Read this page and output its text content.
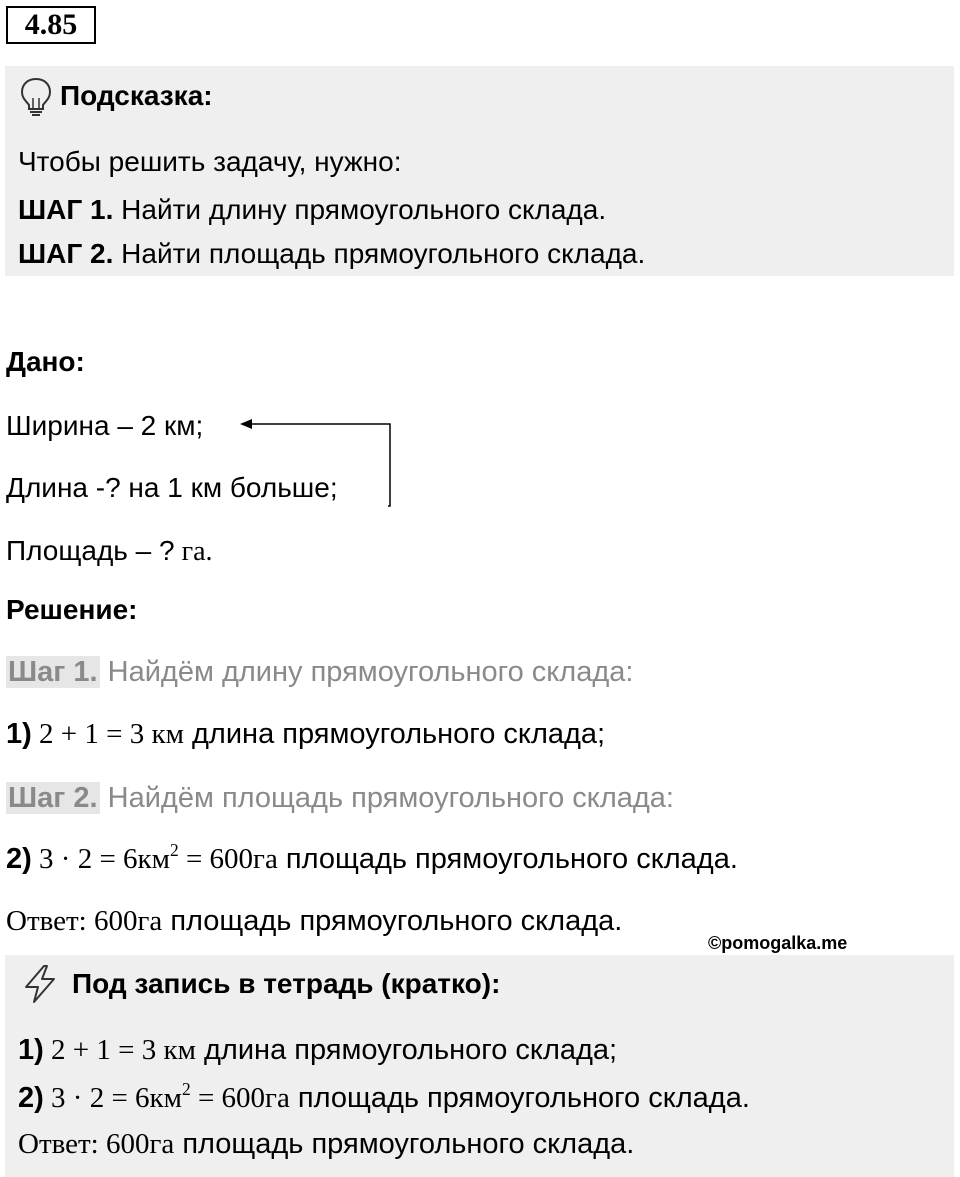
4.85
Подсказка:
Чтобы решить задачу, нужно:
ШАГ 1. Найти длину прямоугольного склада.
ШАГ 2. Найти площадь прямоугольного склада.
Дано:
Ширина – 2 км;
Длина -? на 1 км больше;
Площадь – ? га.
Решение:
Шаг 1. Найдём длину прямоугольного склада:
1) 2 + 1 = 3 км длина прямоугольного склада;
Шаг 2. Найдём площадь прямоугольного склада:
2) $3 \cdot 2 = 6км^2 = 600га$ площадь прямоугольного склада.
Ответ: 600га площадь прямоугольного склада.
©pomogalka.me
Под запись в тетрадь (кратко):
1) 2 + 1 = 3 км длина прямоугольного склада;
2) $3 \cdot 2 = 6км^2 = 600га$ площадь прямоугольного склада.
Ответ: 600га площадь прямоугольного склада.
